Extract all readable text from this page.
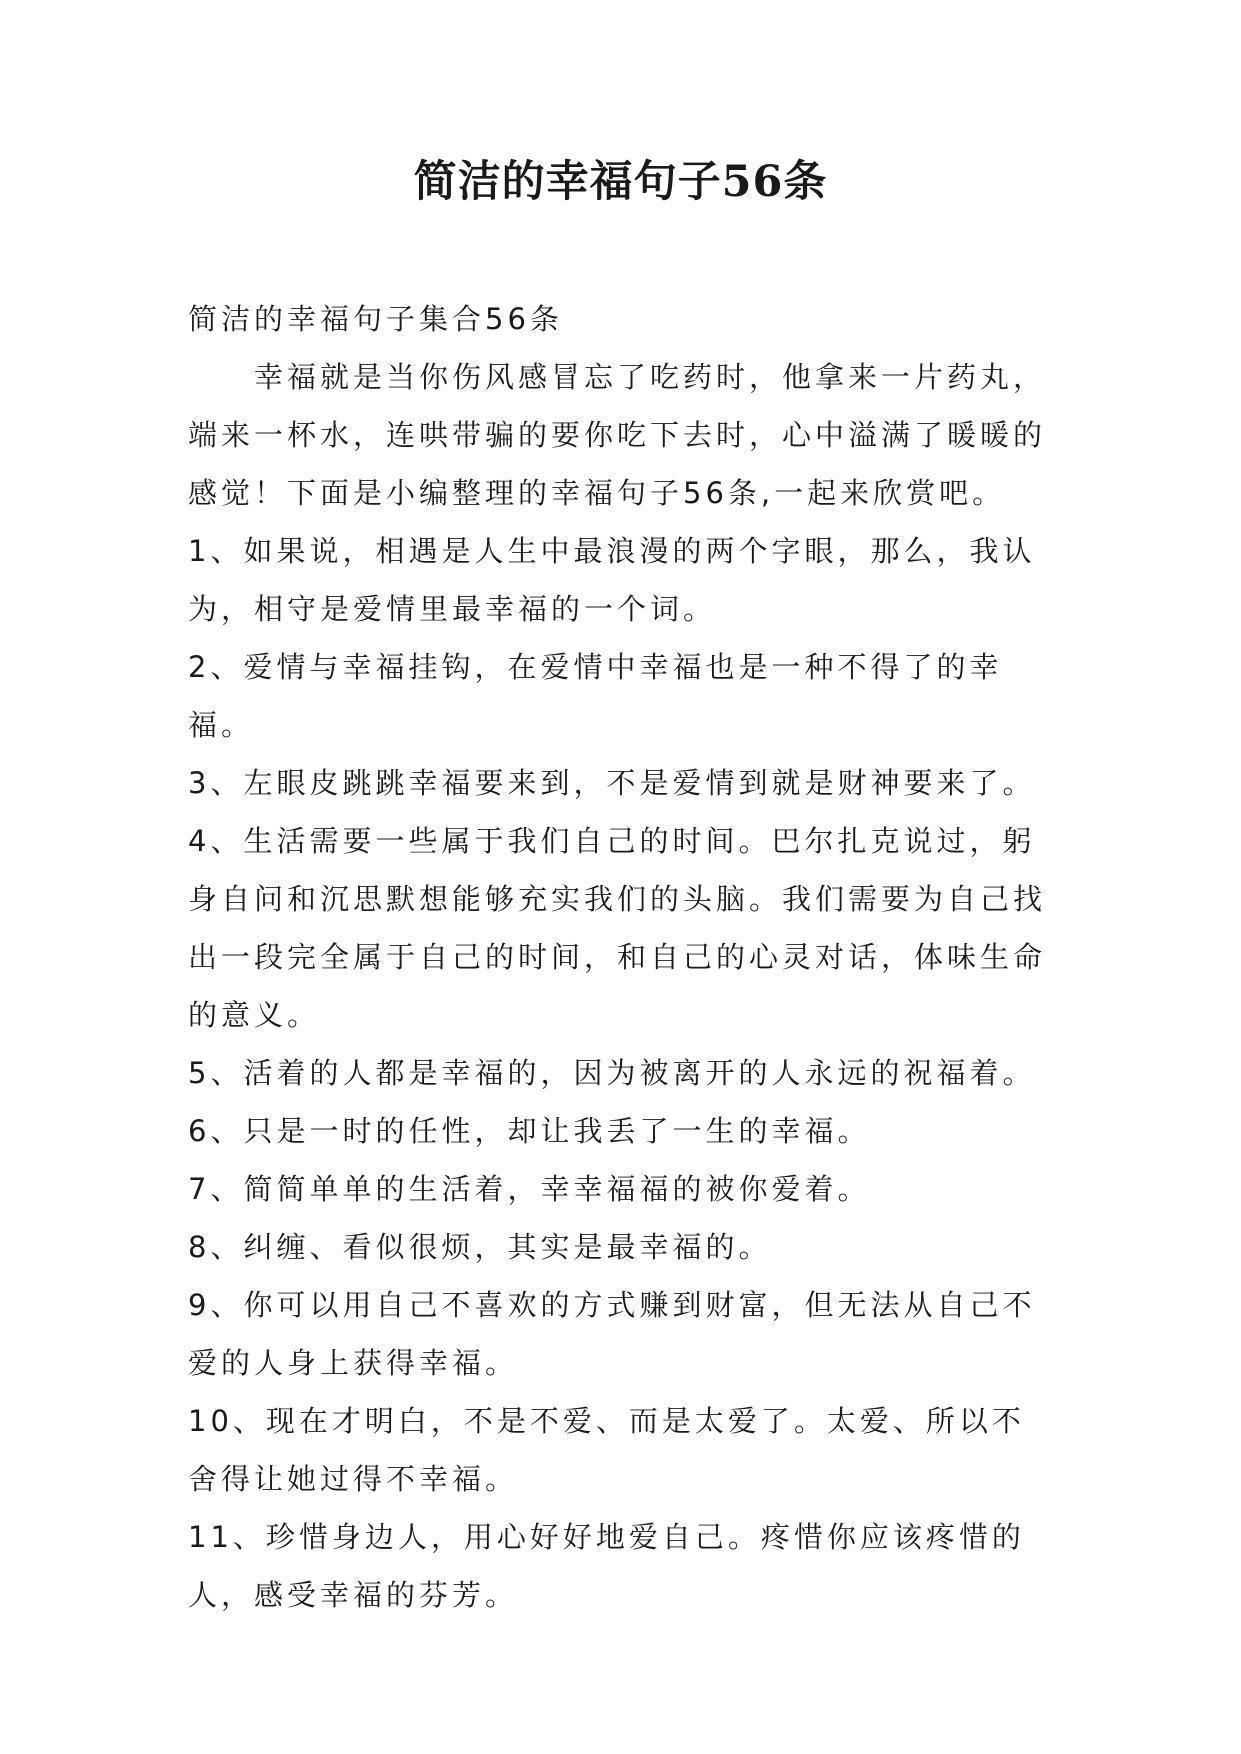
简洁的幸福句子56条

简洁的幸福句子集合56条

幸福就是当你伤风感冒忘了吃药时，他拿来一片药丸，端来一杯水，连哄带骗的要你吃下去时，心中溢满了暖暖的感觉！下面是小编整理的幸福句子56条,一起来欣赏吧。

1、如果说，相遇是人生中最浪漫的两个字眼，那么，我认为，相守是爱情里最幸福的一个词。

2、爱情与幸福挂钩，在爱情中幸福也是一种不得了的幸福。

3、左眼皮跳跳幸福要来到，不是爱情到就是财神要来了。

4、生活需要一些属于我们自己的时间。巴尔扎克说过，躬身自问和沉思默想能够充实我们的头脑。我们需要为自己找出一段完全属于自己的时间，和自己的心灵对话，体味生命的意义。

5、活着的人都是幸福的，因为被离开的人永远的祝福着。

6、只是一时的任性，却让我丢了一生的幸福。

7、简简单单的生活着，幸幸福福的被你爱着。

8、纠缠、看似很烦，其实是最幸福的。

9、你可以用自己不喜欢的方式赚到财富，但无法从自己不爱的人身上获得幸福。

10、现在才明白，不是不爱、而是太爱了。太爱、所以不舍得让她过得不幸福。

11、珍惜身边人，用心好好地爱自己。疼惜你应该疼惜的人，感受幸福的芬芳。
